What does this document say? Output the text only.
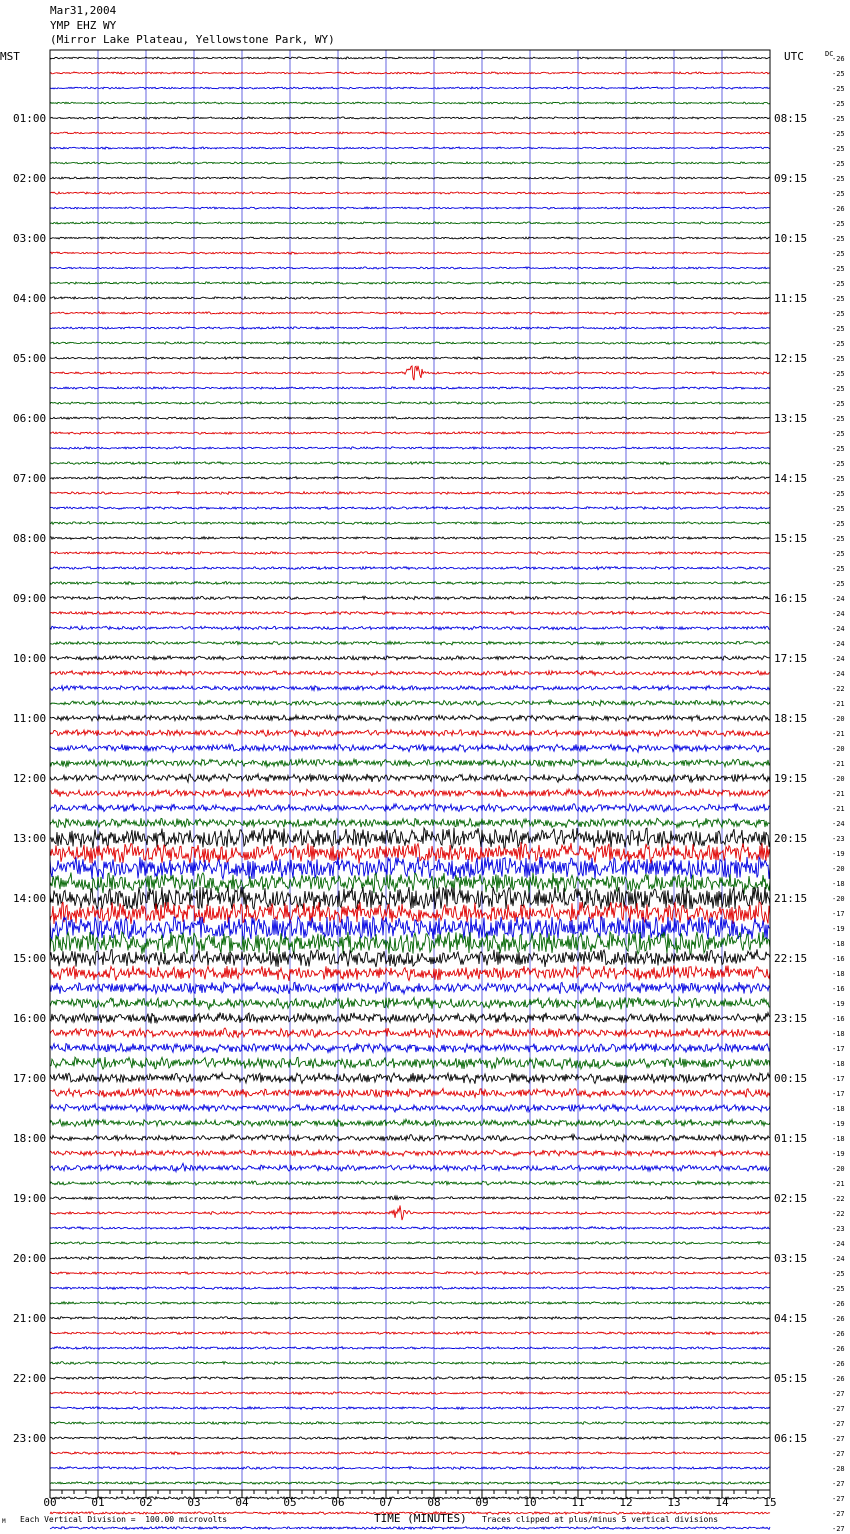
Mar31,2004
YMP EHZ WY
(Mirror Lake Plateau, Yellowstone Park, WY)
-26
-25
-25
-25
-25
-25
-25
-25
-25
-25
-26
-25
-25
-25
-25
-25
-25
-25
-25
-25
-25
-25
-25
-25
-25
-25
-25
-25
-25
-25
-25
-25
-25
-25
-25
-25
-24
-24
-24
-24
-24
-24
-22
-21
-20
-21
-20
-21
-20
-21
-21
-24
-23
-19
-20
-18
-20
-17
-19
-18
-16
-18
-16
-19
-16
-18
-17
-18
-17
-17
-18
-19
-18
-19
-20
-21
-22
-22
-23
-24
-24
-25
-25
-26
-26
-26
-26
-26
-26
-27
-27
-27
-27
-27
-28
-27
-27
-27
-27
00	01	02	03	04	05	06	07	08	09	10	11	12	13	14	15
MST	UTC	DC
01:00	08:15
02:00	09:15
03:00	10:15
04:00	11:15
05:00	12:15
06:00	13:15
07:00	14:15
08:00	15:15
09:00	16:15
10:00	17:15
11:00	18:15
12:00	19:15
13:00	20:15
14:00	21:15
15:00	22:15
16:00	23:15
17:00	00:15
18:00	01:15
19:00	02:15
20:00	03:15
21:00	04:15
22:00	05:15
23:00	06:15
M Each Vertical Division =  100.00 microvolts	TIME (MINUTES) Traces clipped at plus/minus 5 vertical divisions
